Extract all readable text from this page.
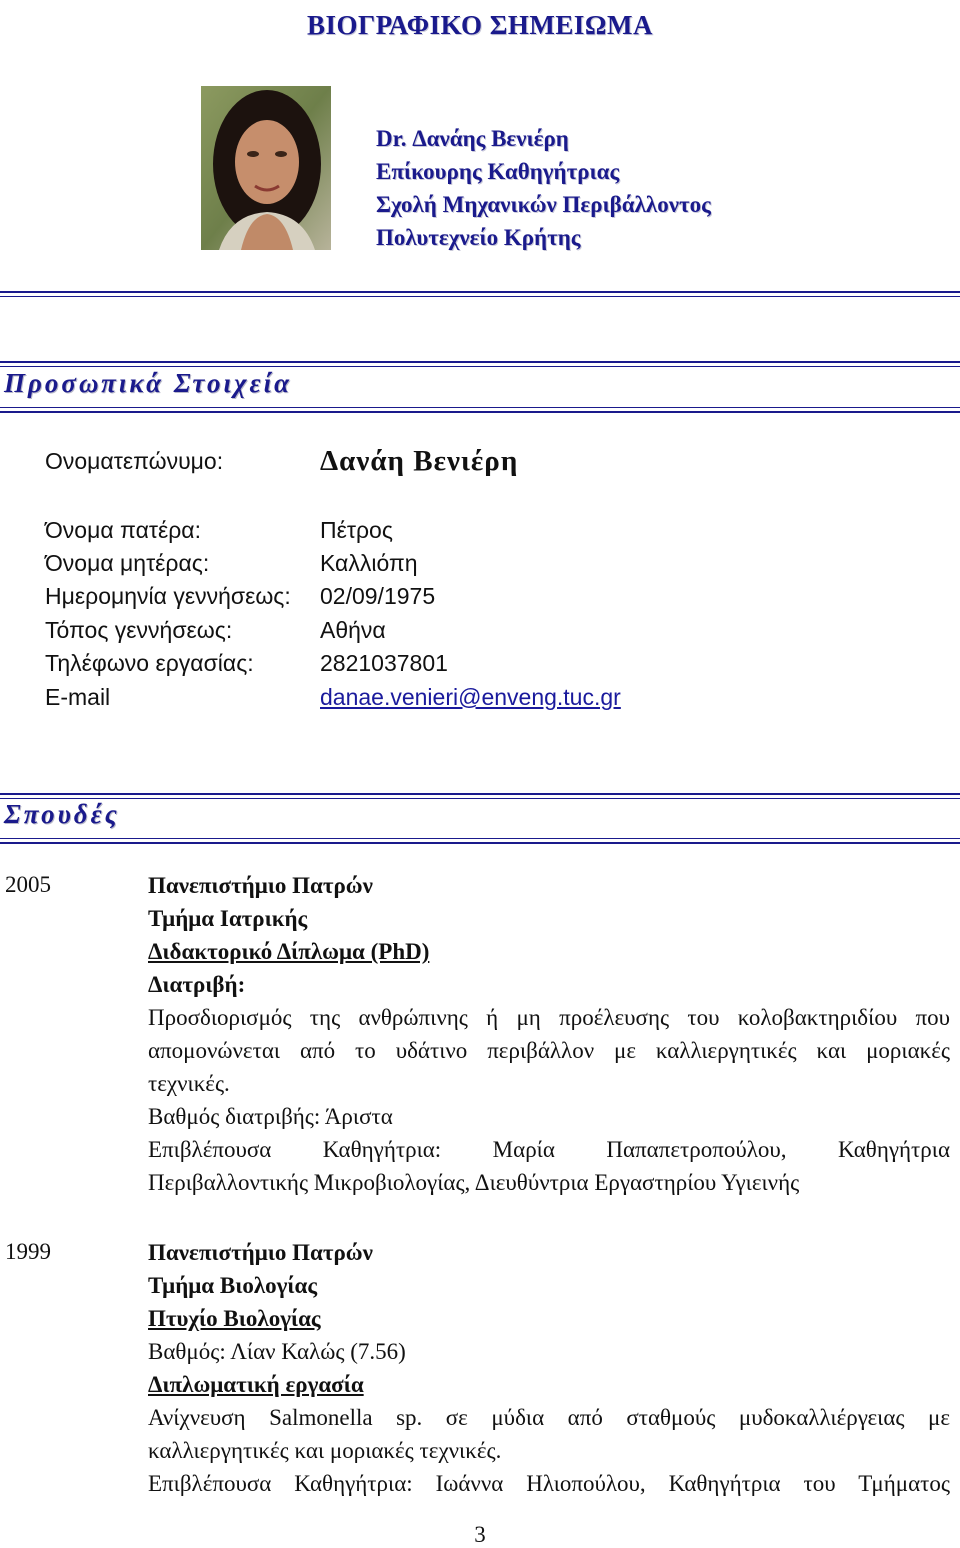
ΒΙΟΓΡΑΦΙΚΟ ΣΗΜΕΙΩΜΑ
Dr. Δανάης Βενιέρη
Επίκουρης Καθηγήτριας
Σχολή Μηχανικών Περιβάλλοντος
Πολυτεχνείο Κρήτης
Προσωπικά Στοιχεία
Ονοματεπώνυμο:	Δανάη Βενιέρη
Όνομα πατέρα:	Πέτρος
Όνομα μητέρας:	Καλλιόπη
Ημερομηνία γεννήσεως: 02/09/1975
Τόπος γεννήσεως:	Αθήνα
Τηλέφωνο εργασίας:	2821037801
E-mail	danae.venieri@enveng.tuc.gr
Σπουδές
2005	Πανεπιστήμιο Πατρών
Τμήμα Ιατρικής
Διδακτορικό Δίπλωμα (PhD)
Διατριβή:
Προσδιορισμός της ανθρώπινης ή μη προέλευσης του κολοβακτηριδίου που
απομονώνεται από το υδάτινο περιβάλλον με καλλιεργητικές και μοριακές
τεχνικές.
Βαθμός διατριβής: Άριστα
Επιβλέπουσα Καθηγήτρια: Μαρία Παπαπετροπούλου, Καθηγήτρια
Περιβαλλοντικής Μικροβιολογίας, Διευθύντρια Εργαστηρίου Υγιεινής
1999	Πανεπιστήμιο Πατρών
Τμήμα Βιολογίας
Πτυχίο Βιολογίας
Βαθμός: Λίαν Καλώς (7.56)
Διπλωματική εργασία
Ανίχνευση Salmonella sp. σε μύδια από σταθμούς μυδοκαλλιέργειας με
καλλιεργητικές και μοριακές τεχνικές.
Επιβλέπουσα Καθηγήτρια: Ιωάννα Ηλιοπούλου, Καθηγήτρια του Τμήματος
3
